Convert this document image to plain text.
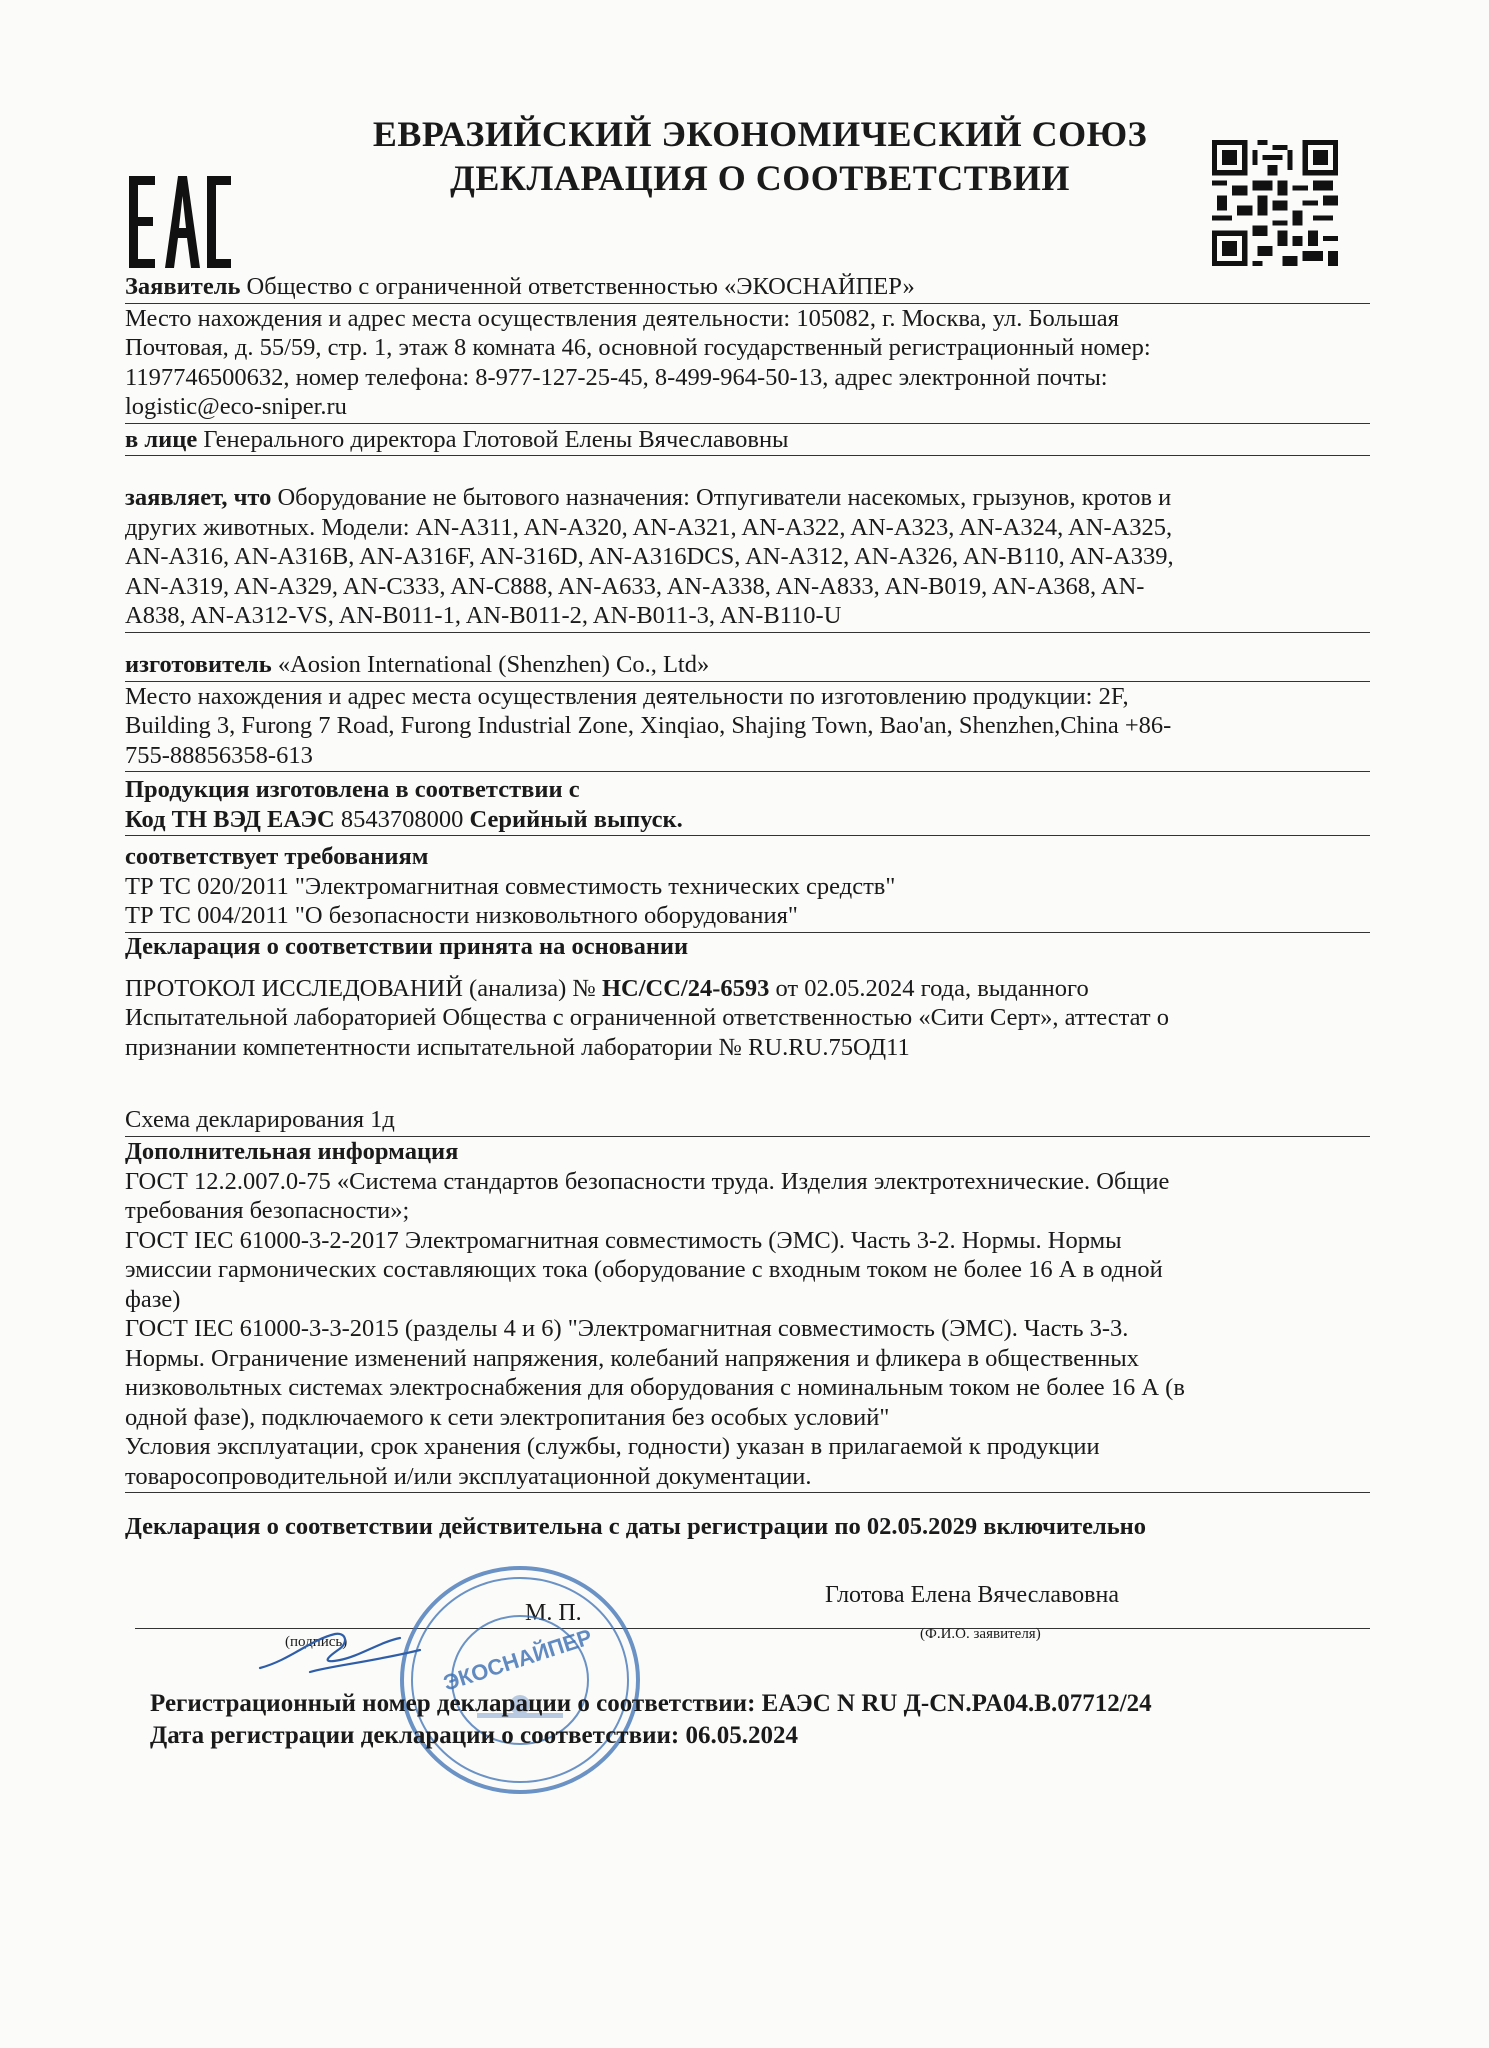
ЕВРАЗИЙСКИЙ ЭКОНОМИЧЕСКИЙ СОЮЗ
ДЕКЛАРАЦИЯ О СООТВЕТСТВИИ
Заявитель Общество с ограниченной ответственностью «ЭКОСНАЙПЕР»
Место нахождения и адрес места осуществления деятельности: 105082, г. Москва, ул. Большая
Почтовая, д. 55/59, стр. 1, этаж 8 комната 46, основной государственный регистрационный номер:
1197746500632, номер телефона: 8-977-127-25-45, 8-499-964-50-13, адрес электронной почты:
logistic@eco-sniper.ru
в лице Генерального директора Глотовой Елены Вячеславовны
заявляет, что Оборудование не бытового назначения: Отпугиватели насекомых, грызунов, кротов и
других животных. Модели: AN-A311, AN-A320, AN-A321, AN-A322, AN-A323, AN-A324, AN-A325,
AN-A316, AN-A316B, AN-A316F, AN-316D, AN-A316DCS, AN-A312, AN-A326, AN-B110, AN-A339,
AN-A319, AN-A329, AN-C333, AN-C888, AN-A633, AN-A338, AN-A833, AN-B019, AN-A368, AN-
A838, AN-A312-VS, AN-B011-1, AN-B011-2, AN-B011-3, AN-B110-U
изготовитель «Aosion International (Shenzhen) Co., Ltd»
Место нахождения и адрес места осуществления деятельности по изготовлению продукции: 2F,
Building 3, Furong 7 Road, Furong Industrial Zone, Xinqiao, Shajing Town, Bao'an, Shenzhen,China +86-
755-88856358-613
Продукция изготовлена в соответствии с
Код ТН ВЭД ЕАЭС 8543708000 Серийный выпуск.
соответствует требованиям
ТР ТС 020/2011 "Электромагнитная совместимость технических средств"
ТР ТС 004/2011 "О безопасности низковольтного оборудования"
Декларация о соответствии принята на основании
ПРОТОКОЛ ИССЛЕДОВАНИЙ (анализа) № НС/СС/24-6593 от 02.05.2024 года, выданного
Испытательной лабораторией Общества с ограниченной ответственностью «Сити Серт», аттестат о
признании компетентности испытательной лаборатории № RU.RU.75ОД11
Схема декларирования 1д
Дополнительная информация
ГОСТ 12.2.007.0-75 «Система стандартов безопасности труда. Изделия электротехнические. Общие
требования безопасности»;
ГОСТ IEC 61000-3-2-2017 Электромагнитная совместимость (ЭМС). Часть 3-2. Нормы. Нормы
эмиссии гармонических составляющих тока (оборудование с входным током не более 16 А в одной
фазе)
ГОСТ IEC 61000-3-3-2015 (разделы 4 и 6) "Электромагнитная совместимость (ЭМС). Часть 3-3.
Нормы. Ограничение изменений напряжения, колебаний напряжения и фликера в общественных
низковольтных системах электроснабжения для оборудования с номинальным током не более 16 А (в
одной фазе), подключаемого к сети электропитания без особых условий"
Условия эксплуатации, срок хранения (службы, годности) указан в прилагаемой к продукции
товаросопроводительной и/или эксплуатационной документации.
Декларация о соответствии действительна с даты регистрации по 02.05.2029 включительно
М. П.
Глотова Елена Вячеславовна
(подпись)	(Ф.И.О. заявителя)
ЭКОСНАЙПЕР
Регистрационный номер декларации о соответствии: ЕАЭС N RU Д-CN.PA04.B.07712/24
Дата регистрации декларации о соответствии: 06.05.2024
